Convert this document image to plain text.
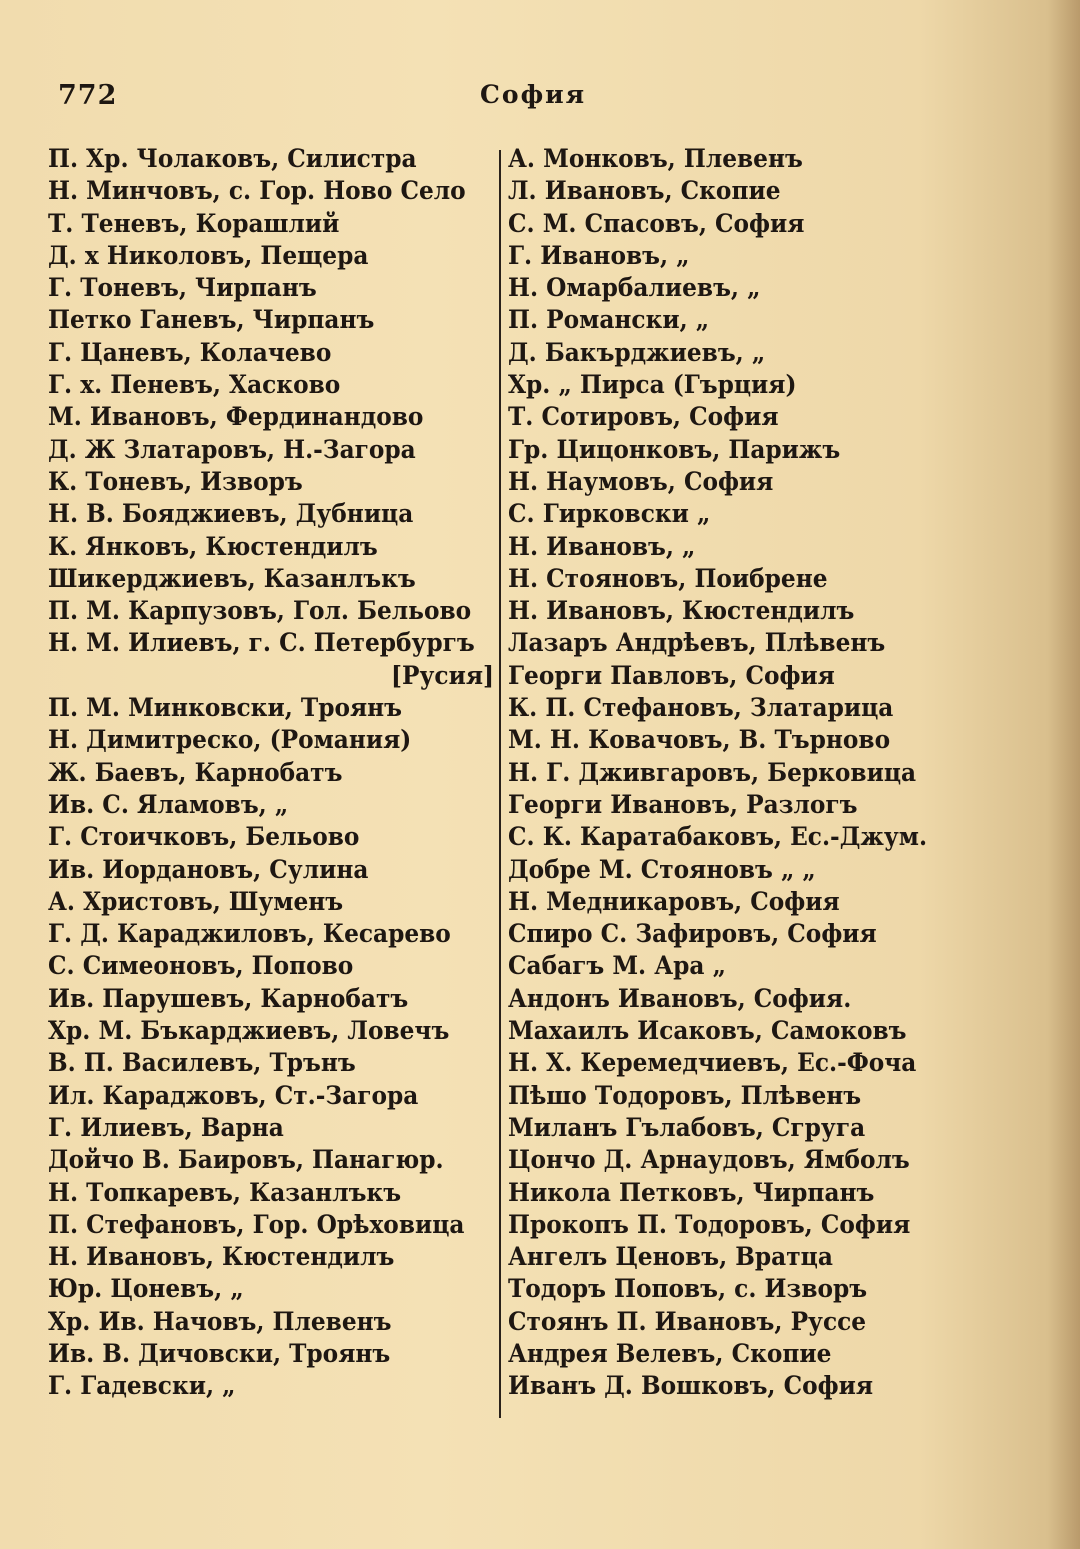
772	София
П. Хр. Чолаковъ, Силистра
Н. Минчовъ, с. Гор. Ново Село
Т. Теневъ, Корашлий
Д. х Николовъ, Пещера
Г. Тоневъ, Чирпанъ
Петко Ганевъ, Чирпанъ
Г. Цаневъ, Колачево
Г. х. Пеневъ, Хасково
М. Ивановъ, Фердинандово
Д. Ж Златаровъ, Н.-Загора
К. Тоневъ, Изворъ
Н. В. Бояджиевъ, Дубница
К. Янковъ, Кюстендилъ
Шикерджиевъ, Казанлъкъ
П. М. Карпузовъ, Гол. Бельово
Н. М. Илиевъ, г. С. Петербургъ
[Русия]
П. М. Минковски, Троянъ
Н. Димитреско, (Романия)
Ж. Баевъ, Карнобатъ
Ив. С. Яламовъ, „
Г. Стоичковъ, Бельово
Ив. Иордановъ, Сулина
А. Христовъ, Шуменъ
Г. Д. Караджиловъ, Кесарево
С. Симеоновъ, Попово
Ив. Парушевъ, Карнобатъ
Хр. М. Бъкарджиевъ, Ловечъ
В. П. Василевъ, Трънъ
Ил. Караджовъ, Ст.-Загора
Г. Илиевъ, Варна
Дойчо В. Баировъ, Панагюр.
Н. Топкаревъ, Казанлъкъ
П. Стефановъ, Гор. Орѣховица
Н. Ивановъ, Кюстендилъ
Юр. Цоневъ, „
Хр. Ив. Начовъ, Плевенъ
Ив. В. Дичовски, Троянъ
Г. Гадевски, „
А. Монковъ, Плевенъ
Л. Ивановъ, Скопие
С. М. Спасовъ, София
Г. Ивановъ, „
Н. Омарбалиевъ, „
П. Романски, „
Д. Бакърджиевъ, „
Хр. „ Пирса (Гърция)
Т. Сотировъ, София
Гр. Цицонковъ, Парижъ
Н. Наумовъ, София
С. Гирковски „
Н. Ивановъ, „
Н. Стояновъ, Поибрене
Н. Ивановъ, Кюстендилъ
Лазаръ Андрѣевъ, Плѣвенъ
Георги Павловъ, София
К. П. Стефановъ, Златарица
М. Н. Ковачовъ, В. Търново
Н. Г. Дживгаровъ, Берковица
Георги Ивановъ, Разлогъ
С. К. Каратабаковъ, Ес.-Джум.
Добре М. Стояновъ „ „
Н. Медникаровъ, София
Спиро С. Зафировъ, София
Сабагъ М. Ара „
Андонъ Ивановъ, София.
Махаилъ Исаковъ, Самоковъ
Н. Х. Керемедчиевъ, Ес.-Фоча
Пѣшо Тодоровъ, Плѣвенъ
Миланъ Гълабовъ, Сгруга
Цончо Д. Арнаудовъ, Ямболъ
Никола Петковъ, Чирпанъ
Прокопъ П. Тодоровъ, София
Ангелъ Ценовъ, Вратца
Тодоръ Поповъ, с. Изворъ
Стоянъ П. Ивановъ, Руссе
Андрея Велевъ, Скопие
Иванъ Д. Вошковъ, София
